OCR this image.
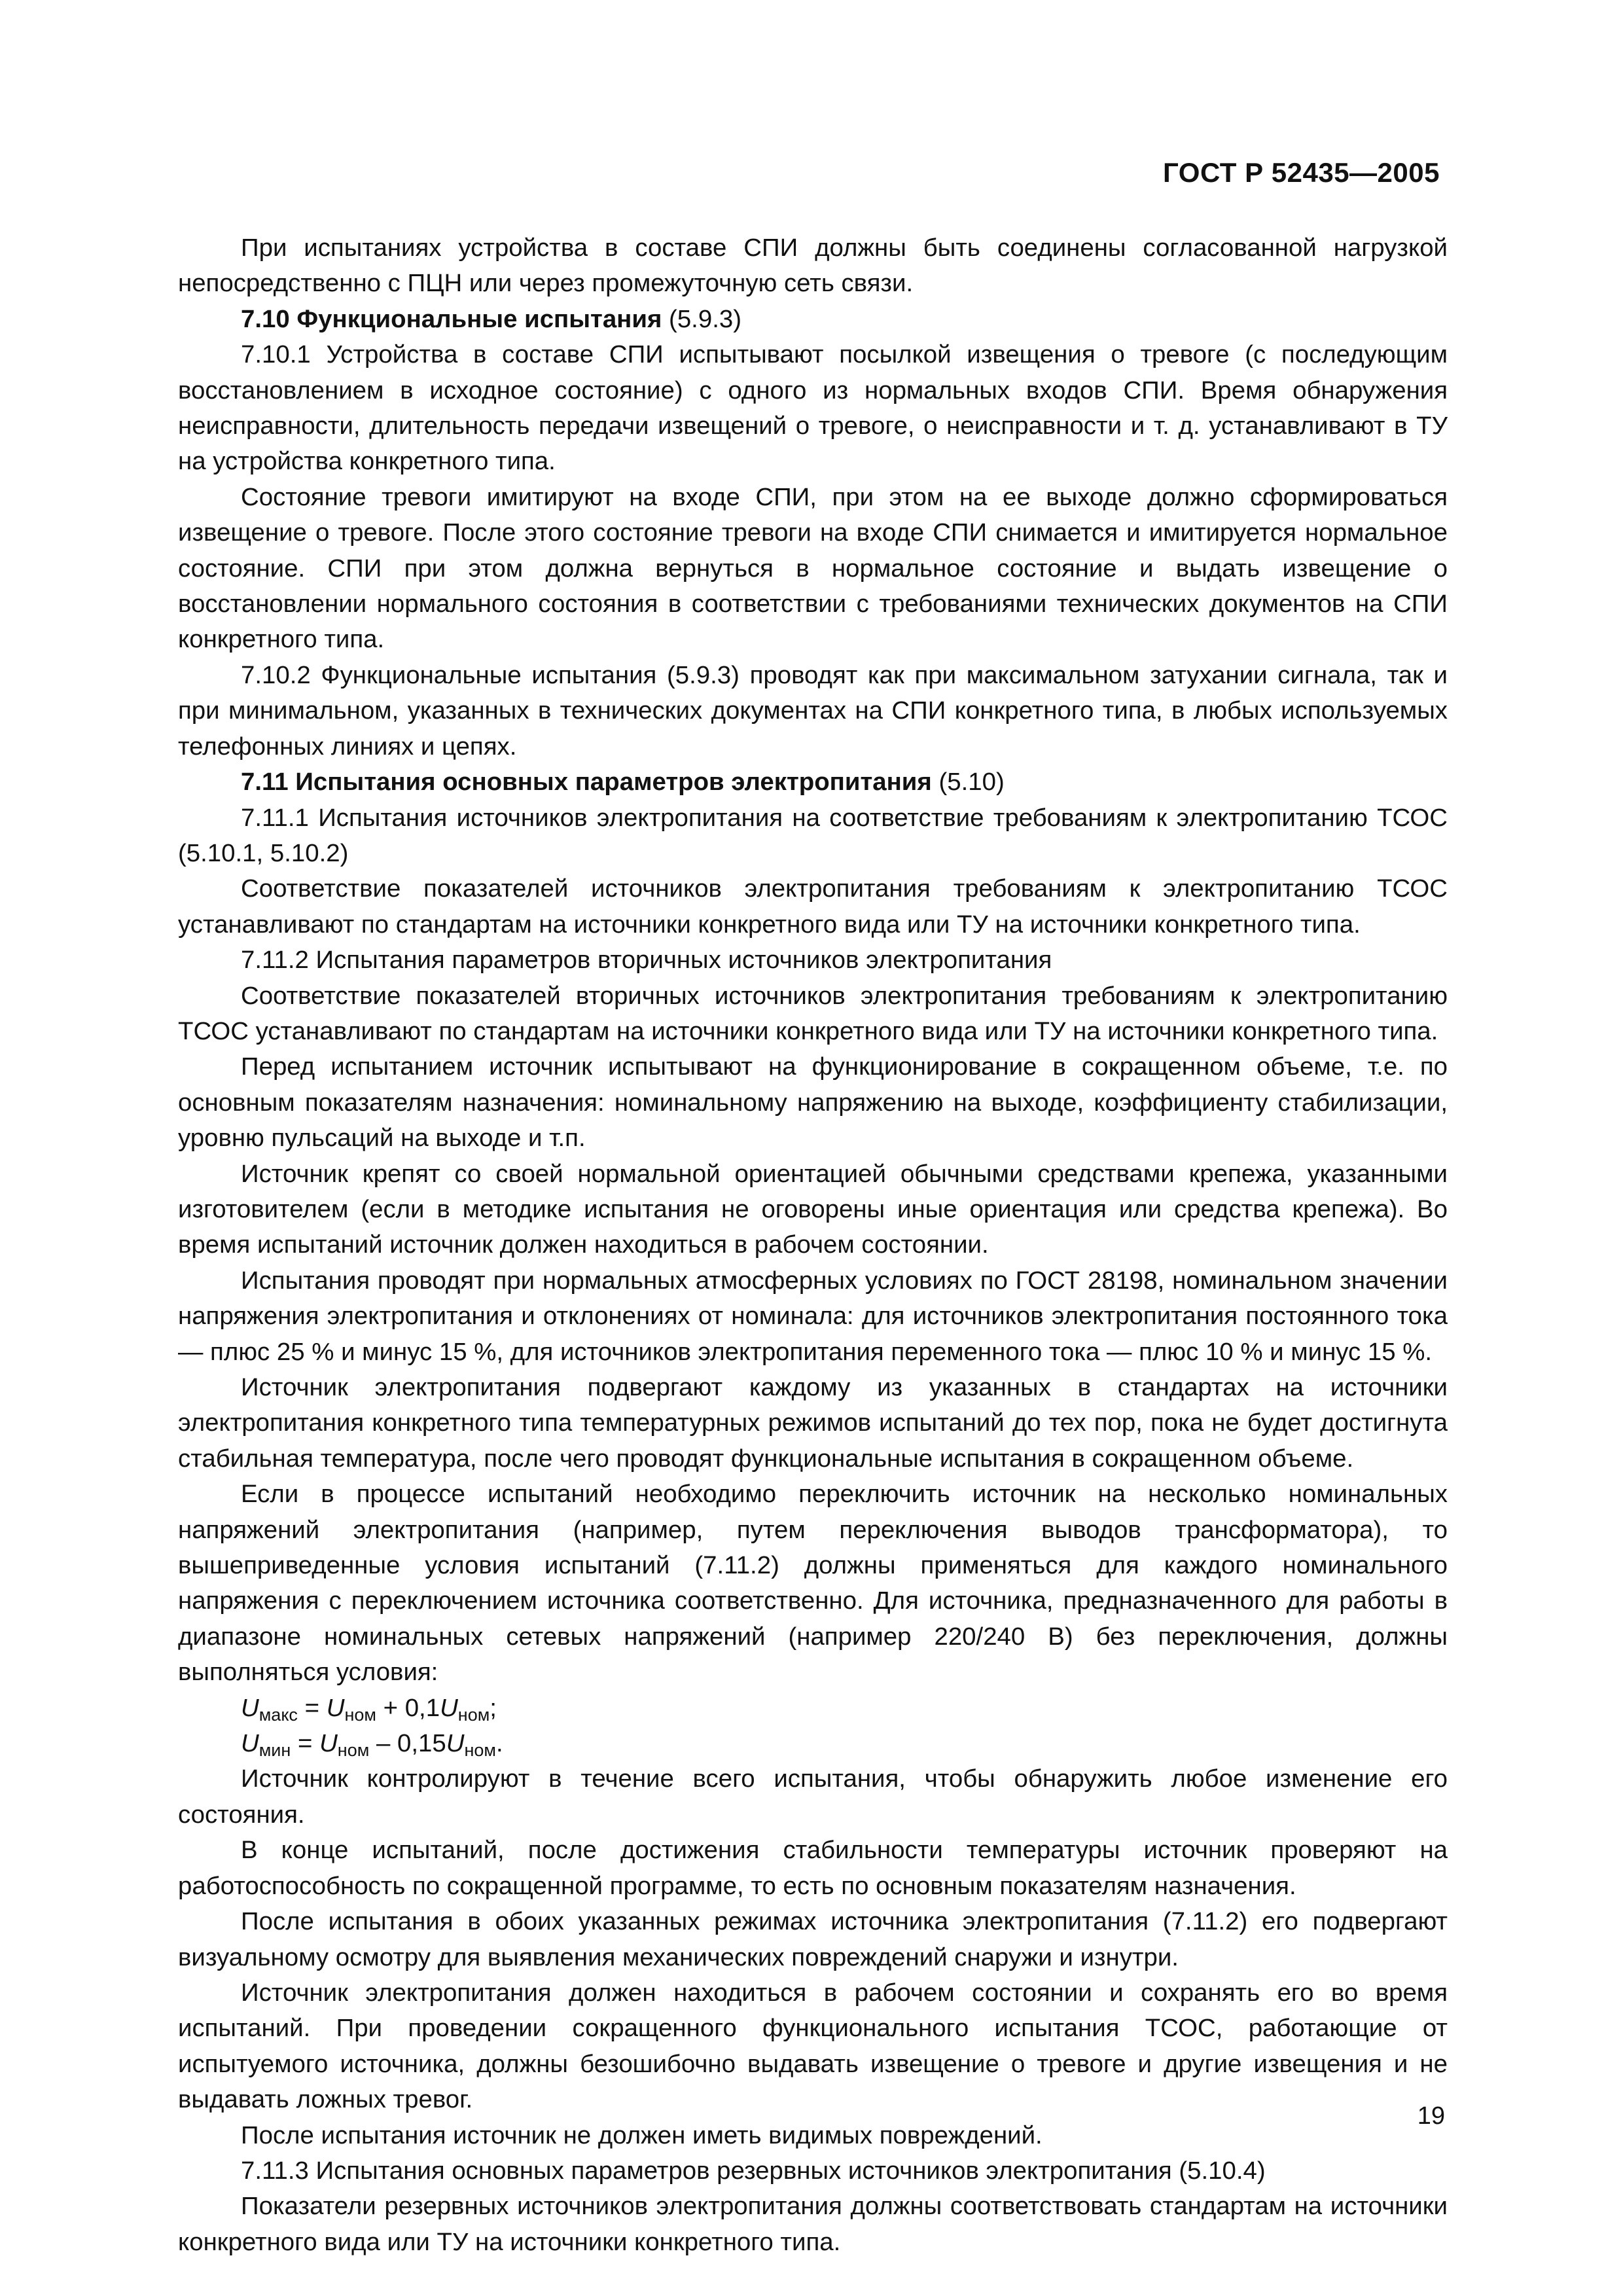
ГОСТ Р 52435—2005

При испытаниях устройства в составе СПИ должны быть соединены согласованной нагрузкой непосредственно с ПЦН или через промежуточную сеть связи.

7.10 Функциональные испытания (5.9.3)

7.10.1 Устройства в составе СПИ испытывают посылкой извещения о тревоге (с последующим восстановлением в исходное состояние) с одного из нормальных входов СПИ. Время обнаружения неисправности, длительность передачи извещений о тревоге, о неисправности и т. д. устанавливают в ТУ на устройства конкретного типа.

Состояние тревоги имитируют на входе СПИ, при этом на ее выходе должно сформироваться извещение о тревоге. После этого состояние тревоги на входе СПИ снимается и имитируется нормальное состояние. СПИ при этом должна вернуться в нормальное состояние и выдать извещение о восстановлении нормального состояния в соответствии с требованиями технических документов на СПИ конкретного типа.

7.10.2 Функциональные испытания (5.9.3) проводят как при максимальном затухании сигнала, так и при минимальном, указанных в технических документах на СПИ конкретного типа, в любых используемых телефонных линиях и цепях.

7.11 Испытания основных параметров электропитания (5.10)

7.11.1 Испытания источников электропитания на соответствие требованиям к электропитанию ТСОС (5.10.1, 5.10.2)

Соответствие показателей источников электропитания требованиям к электропитанию ТСОС устанавливают по стандартам на источники конкретного вида или ТУ на источники конкретного типа.

7.11.2 Испытания параметров вторичных источников электропитания

Соответствие показателей вторичных источников электропитания требованиям к электропитанию ТСОС устанавливают по стандартам на источники конкретного вида или ТУ на источники конкретного типа.

Перед испытанием источник испытывают на функционирование в сокращенном объеме, т.е. по основным показателям назначения: номинальному напряжению на выходе, коэффициенту стабилизации, уровню пульсаций на выходе и т.п.

Источник крепят со своей нормальной ориентацией обычными средствами крепежа, указанными изготовителем (если в методике испытания не оговорены иные ориентация или средства крепежа). Во время испытаний источник должен находиться в рабочем состоянии.

Испытания проводят при нормальных атмосферных условиях по ГОСТ 28198, номинальном значении напряжения электропитания и отклонениях от номинала: для источников электропитания постоянного тока — плюс 25 % и минус 15 %, для источников электропитания переменного тока — плюс 10 % и минус 15 %.

Источник электропитания подвергают каждому из указанных в стандартах на источники электропитания конкретного типа температурных режимов испытаний до тех пор, пока не будет достигнута стабильная температура, после чего проводят функциональные испытания в сокращенном объеме.

Если в процессе испытаний необходимо переключить источник на несколько номинальных напряжений электропитания (например, путем переключения выводов трансформатора), то вышеприведенные условия испытаний (7.11.2) должны применяться для каждого номинального напряжения с переключением источника соответственно. Для источника, предназначенного для работы в диапазоне номинальных сетевых напряжений (например 220/240 В) без переключения, должны выполняться условия:

$U_{макс} = U_{ном} + 0,1U_{ном}$;

$U_{мин} = U_{ном} - 0,15U_{ном}$.

Источник контролируют в течение всего испытания, чтобы обнаружить любое изменение его состояния.

В конце испытаний, после достижения стабильности температуры источник проверяют на работоспособность по сокращенной программе, то есть по основным показателям назначения.

После испытания в обоих указанных режимах источника электропитания (7.11.2) его подвергают визуальному осмотру для выявления механических повреждений снаружи и изнутри.

Источник электропитания должен находиться в рабочем состоянии и сохранять его во время испытаний. При проведении сокращенного функционального испытания ТСОС, работающие от испытуемого источника, должны безошибочно выдавать извещение о тревоге и другие извещения и не выдавать ложных тревог.

После испытания источник не должен иметь видимых повреждений.

7.11.3 Испытания основных параметров резервных источников электропитания (5.10.4)

Показатели резервных источников электропитания должны соответствовать стандартам на источники конкретного вида или ТУ на источники конкретного типа.

19
